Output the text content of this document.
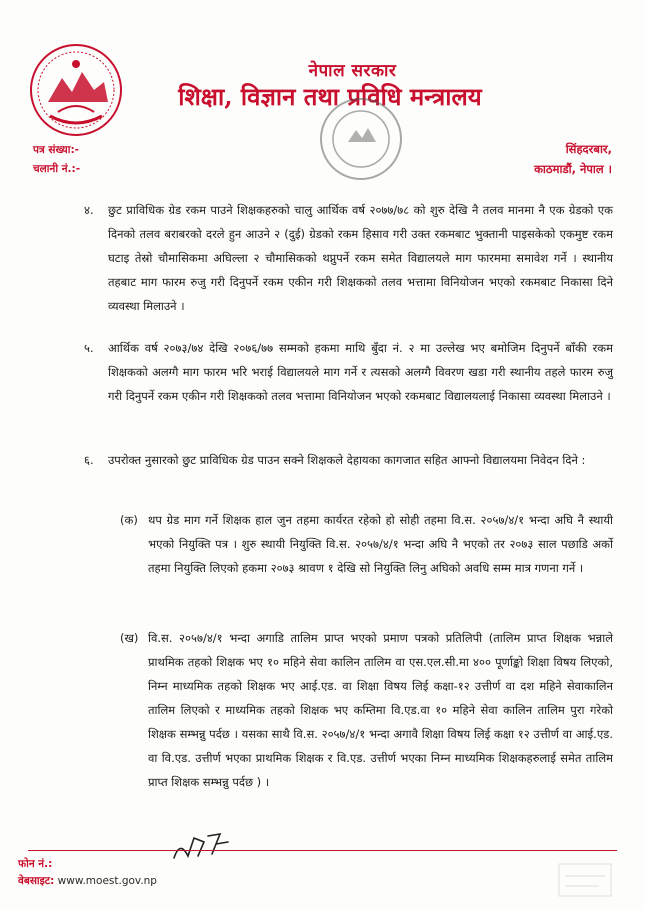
नेपाल सरकार
शिक्षा, विज्ञान तथा प्रविधि मन्त्रालय
पत्र संख्या:-
चलानी नं.:-
सिंहदरबार,
काठमाडौं, नेपाल ।
४. छुट प्राविधिक ग्रेड रकम पाउने शिक्षकहरुको चालु आर्थिक वर्ष २०७७/७८ को शुरु देखि नै तलव मानमा नै एक ग्रेडको एक दिनको तलव बराबरको दरले हुन आउने २ (दुई) ग्रेडको रकम हिसाव गरी उक्त रकमबाट भुक्तानी पाइसकेको एकमुष्ट रकम घटाइ तेस्रो चौमासिकमा अघिल्ला २ चौमासिकको थप्नुपर्ने रकम समेत विद्यालयले माग फारममा समावेश गर्ने । स्थानीय तहबाट माग फारम रुजु गरी दिनुपर्ने रकम एकीन गरी शिक्षकको तलव भत्तामा विनियोजन भएको रकमबाट निकासा दिने व्यवस्था मिलाउने ।
५. आर्थिक वर्ष २०७३/७४ देखि २०७६/७७ सम्मको हकमा माथि बुँदा नं. २ मा उल्लेख भए बमोजिम दिनुपर्ने बाँकी रकम शिक्षकको अलग्गै माग फारम भरि भराई विद्यालयले माग गर्ने र त्यसको अलग्गै विवरण खडा गरी स्थानीय तहले फारम रुजु गरी दिनुपर्ने रकम एकीन गरी शिक्षकको तलव भत्तामा विनियोजन भएको रकमबाट विद्यालयलाई निकासा व्यवस्था मिलाउने ।
६. उपरोक्त नुसारको छुट प्राविधिक ग्रेड पाउन सक्ने शिक्षकले देहायका कागजात सहित आफ्नो विद्यालयमा निवेदन दिने :
(क) थप ग्रेड माग गर्ने शिक्षक हाल जुन तहमा कार्यरत रहेको हो सोही तहमा वि.स. २०५७/४/१ भन्दा अघि नै स्थायी भएको नियुक्ति पत्र । शुरु स्थायी नियुक्ति वि.स. २०५७/४/१ भन्दा अघि नै भएको तर २०७३ साल पछाडि अर्को तहमा नियुक्ति लिएको हकमा २०७३ श्रावण १ देखि सो नियुक्ति लिनु अघिको अवधि सम्म मात्र गणना गर्ने ।
(ख) वि.स. २०५७/४/१ भन्दा अगाडि तालिम प्राप्त भएको प्रमाण पत्रको प्रतिलिपी (तालिम प्राप्त शिक्षक भन्नाले प्राथमिक तहको शिक्षक भए १० महिने सेवा कालिन तालिम वा एस.एल.सी.मा ४०० पूर्णाङ्को शिक्षा विषय लिएको, निम्न माध्यमिक तहको शिक्षक भए आई.एड. वा शिक्षा विषय लिई कक्षा-१२ उत्तीर्ण वा दश महिने सेवाकालिन तालिम लिएको र माध्यमिक तहको शिक्षक भए कम्तिमा वि.एड.वा १० महिने सेवा कालिन तालिम पुरा गरेको शिक्षक सम्भन्नु पर्दछ । यसका साथै वि.स. २०५७/४/१ भन्दा अगावै शिक्षा विषय लिई कक्षा १२ उत्तीर्ण वा आई.एड. वा वि.एड. उत्तीर्ण भएका प्राथमिक शिक्षक र वि.एड. उत्तीर्ण भएका निम्न माध्यमिक शिक्षकहरुलाई समेत तालिम प्राप्त शिक्षक सम्भन्नु पर्दछ ) ।
फोन नं.:
वेबसाइट: www.moest.gov.np
